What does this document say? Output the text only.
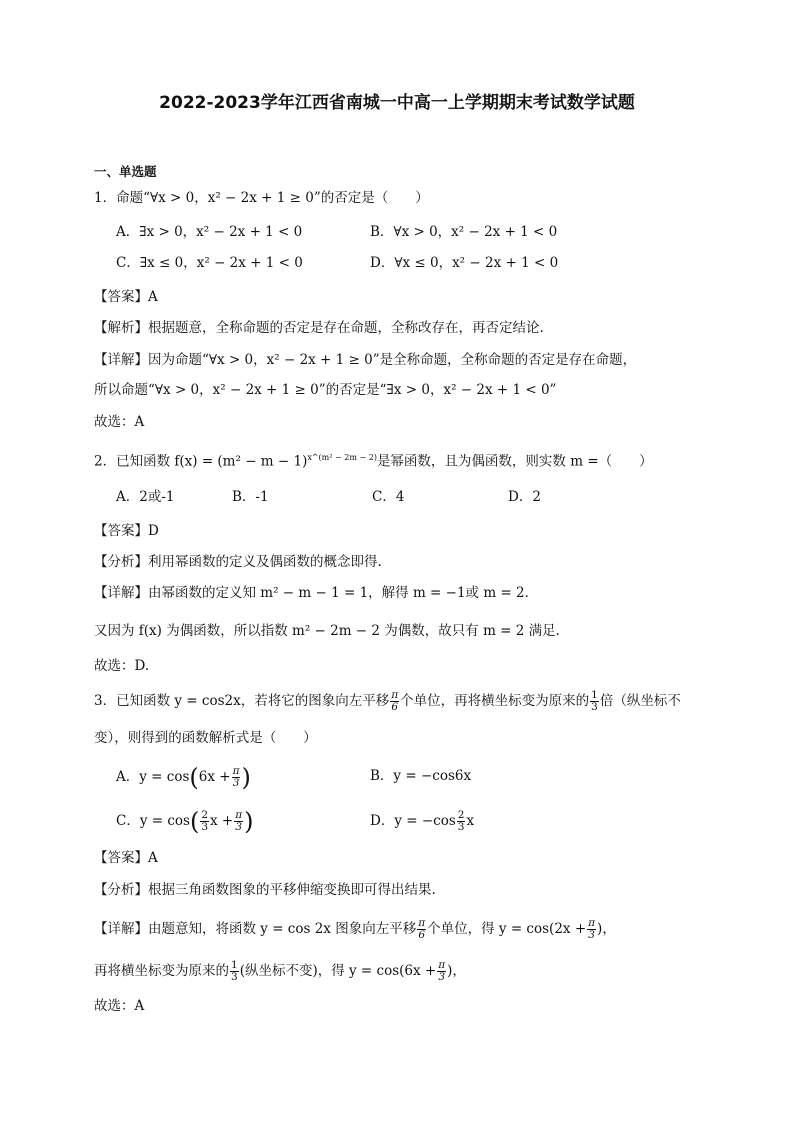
2022-2023学年江西省南城一中高一上学期期末考试数学试题
一、单选题
1．命题“∀x > 0，x² − 2x + 1 ≥ 0”的否定是（　　）
A．∃x > 0，x² − 2x + 1 < 0	B．∀x > 0，x² − 2x + 1 < 0
C．∃x ≤ 0，x² − 2x + 1 < 0	D．∀x ≤ 0，x² − 2x + 1 < 0
【答案】A
【解析】根据题意，全称命题的否定是存在命题，全称改存在，再否定结论.
【详解】因为命题“∀x > 0，x² − 2x + 1 ≥ 0”是全称命题，全称命题的否定是存在命题，
所以命题“∀x > 0，x² − 2x + 1 ≥ 0”的否定是“∃x > 0，x² − 2x + 1 < 0”
故选：A
2．已知函数 $f(x) = (m^2 - m - 1)^{x\^{}(m^2 - 2m - 2)}$是幂函数，且为偶函数，则实数 m =（　　）
A．2或-1	B．-1	C．4	D．2
【答案】D
【分析】利用幂函数的定义及偶函数的概念即得.
【详解】由幂函数的定义知 m² − m − 1 = 1，解得 m = −1或 m = 2．
又因为 f(x) 为偶函数，所以指数 m² − 2m − 2 为偶数，故只有 m = 2 满足.
故选：D.
3．已知函数 y = cos2x，若将它的图象向左平移 $\frac{\pi}{6}$ 个单位，再将横坐标变为原来的 $\frac{1}{3}$ 倍（纵坐标不
变），则得到的函数解析式是（　　）
A．$y = \cos(6x + \frac{\pi}{3}$ )	B．y = −cos6x
C．$y = \cos( \frac{2}{3}$ $x + \frac{\pi}{3}$ )	D．$y = -\cos \frac{2}{3}$ x
【答案】A
【分析】根据三角函数图象的平移伸缩变换即可得出结果.
【详解】由题意知，将函数 y = cos 2x 图象向左平移 $\frac{\pi}{6}$ 个单位，得 $y = \cos(2x + \frac{\pi}{3}$ )，
再将横坐标变为原来的 $\frac{1}{3}$ (纵坐标不变)，得 $y = \cos(6x + \frac{\pi}{3}$ )，
故选：A
